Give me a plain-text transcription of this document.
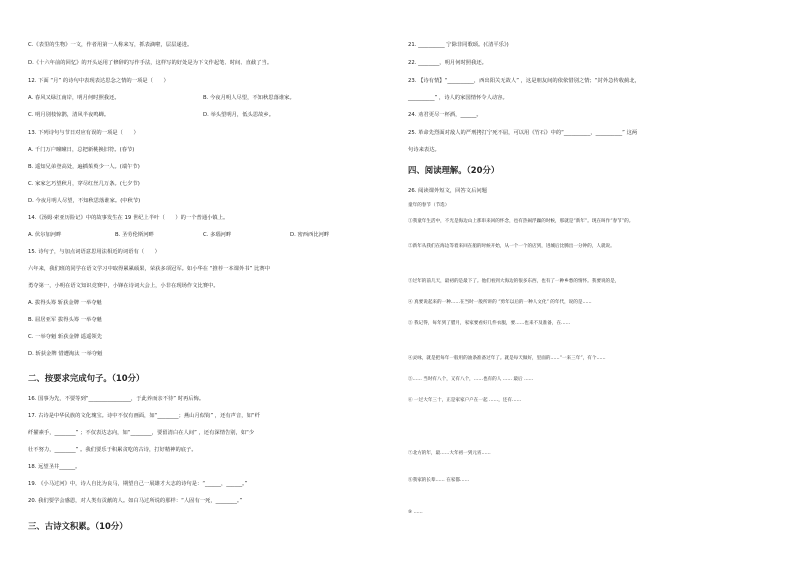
C.《表里的生物》一文，作者用第一人称来写，抓表滴啦，层层递进。
D.《十六年前的回忆》的开头运用了修辞的写作手法，这样写的好处是为下文作起笔、时间、直截了当。
12. 下面 “月” 的诗句中表现表达思念之情的一项是（　　）
A. 春风又绿江南岸，明月何时照我还。	B. 今夜月明人尽望，不知秋思落谁家。
C. 明月别枝惊鹊，清风半夜鸣蝉。	D. 举头望明月，低头思故乡。
13. 下列诗句与节日对应有误的一项是（　　）
A. 千门万户曈曈日，总把新桃换旧符。(春节)
B. 遥知兄弟登高处，遍插茱萸少一人。(端午节)
C. 家家乞巧望秋月，穿尽红丝几万条。(七夕节)
D. 今夜月明人尽望，不知秋思落谁家。(中秋节)
14.《汤姆·索亚历险记》中的故事发生在 19 世纪上半叶（　　）的一个普通小镇上。
A. 伏尔加河畔	B. 圣劳伦斯河畔	C. 多瑙河畔	D. 密西西比河畔
15. 诗句子，与加点词语意思用法相近的词语有（　　）
六年来，我们班的同学在语文学习中取得累累硕果，荣获多项冠军。如小华在 “推荐一本课外书” 比赛中
勇夺第一，小明在语文知识竞赛中，小锋在诗词大会上，小非在现场作文比赛中。
A. 拔得头筹 斩获金牌 一举夺魁
B. 屈居亚军 拔得头筹 一举夺魁
C. 一举夺魁 斩获金牌 遥遥领先
D. 斩获金牌 惜遭淘汰 一举夺魁
二、按要求完成句子。（10分）
16. 国事为先，不要等到“________________，于此养而亲不待” 时再后悔。
17. 古诗是中华民族的文化瑰宝。诗中不仅有画面，如“________；燕山月似钩” ，还有声音，如“纤
纤擢素手，________” ；不仅表达志向，如“________，要留清白在人间” ，还有深情告别，如“少
壮不努力，________” 。我们要乐于积累贪吃的古诗，打好精神的底子。
18. 远望圣井______。
19. 《小马过河》中，诗人自比为良马，期望自己一展雄才大志的诗句是：“______，______。”
20. 我们要学会感恩，对人类有贡献的人。如白马过所说的那样：“人固有一死，________。”
三、古诗文积累。（10分）
21. __________ 宁除非同歌颂。(《清平乐》)
22. ________，明月何时照我还。
23. 【诗有情】“__________，西出阳关无故人” ，这是朋友间的依依惜别之情；“封外急传收蓟北，
__________” ，诗人的家国情怀令人动容。
24. 劝君更尽一杯酒，______。
25. 革命先烈面对敌人的严刑拷打宁死不屈，可以用《竹石》中的“__________，__________” 这两
句诗来表达。
四、阅读理解。（20分）
26. 阅读课外短文，回答文后问题
童年的春节（节选）
①我童年生活中，不光是海边山上那串来回的怀念，也有热闹浮躁的时候，那就是“新年”。现在叫作“春节”的。
②新年从我们在海边等着来回在船的时候开始，从一个一个的店到，进城后比腾出一分钟的，人就说。
③过年的前几天，最初的是最下了。他们看到大海边的很多东西，也有了一种乡愁的情怀。我要说的是，
④ 真要说起来的一种……在当时一般所讲的 “剪年以后的一种人文化” 的年代，说的是……
⑤ 我记得，每年到了腊月，家家要看好几件衣服，要……也来不及准备，在……
④灵咏，就是把每年一般用的油条准备过年了。就是每天做好，里面的……“一来三年”，有个……
⑤…… 当时有八个，又有八个，……也有的人 …… 最后 ……
⑥ 一过大年三十，正是家家户户在一起 ……，还有……
⑦北方的年，最……大年初一到元宵……
⑧我家的长辈…… 在家都……
⑨ ……
